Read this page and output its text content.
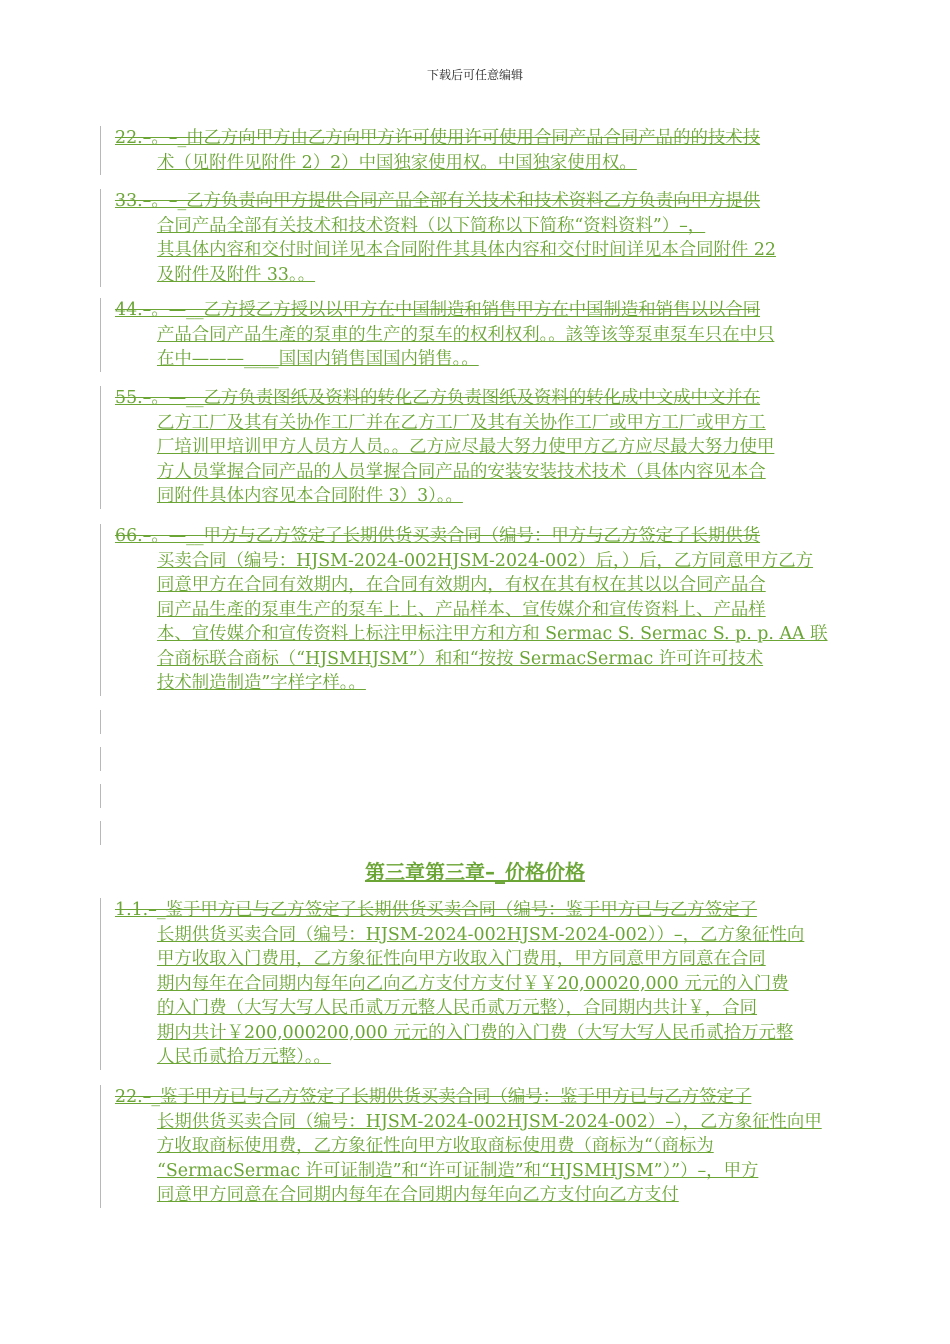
下载后可任意编辑
22.–。–_由乙方向甲方由乙方向甲方许可使用许可使用合同产品合同产品的的技术技
术（见附件见附件 2）2）中国独家使用权。中国独家使用权。
33.–。–_乙方负责向甲方提供合同产品全部有关技术和技术资料乙方负责向甲方提供
合同产品全部有关技术和技术资料（以下简称以下简称“资料资料”）–，
其具体内容和交付时间详见本合同附件其具体内容和交付时间详见本合同附件 22
及附件及附件 33。。
44.–。—__乙方授乙方授以以甲方在中国制造和销售甲方在中国制造和销售以以合同
产品合同产品生產的泵車的生产的泵车的权利权利。。該等该等泵車泵车只在中只
在中———____国国内销售国国内销售。。
55.–。—__乙方负责图纸及资料的转化乙方负责图纸及资料的转化成中文成中文并在
乙方工厂及其有关协作工厂并在乙方工厂及其有关协作工厂或甲方工厂或甲方工
厂培训甲培训甲方人员方人员。。乙方应尽最大努力使甲方乙方应尽最大努力使甲
方人员掌握合同产品的人员掌握合同产品的安装安装技术技术（具体内容见本合
同附件具体内容见本合同附件 3）3）。。
66.–。—__甲方与乙方签定了长期供货买卖合同（编号：甲方与乙方签定了长期供货
买卖合同（编号：HJSM-2024-002HJSM-2024-002）后，）后，乙方同意甲方乙方
同意甲方在合同有效期内，在合同有效期内，有权在其有权在其以以合同产品合
同产品生產的泵車生产的泵车上上、产品样本、宣传媒介和宣传资料上、产品样
本、宣传媒介和宣传资料上标注甲标注甲方和方和 Sermac S. Sermac S. p. p. AA 联
合商标联合商标（“HJSMHJSM”）和和“按按 SermacSermac 许可许可技术
技术制造制造”字样字样。。
第三章第三章–_价格价格
1.1.–_鉴于甲方已与乙方签定了长期供货买卖合同（编号：鉴于甲方已与乙方签定了
长期供货买卖合同（编号：HJSM-2024-002HJSM-2024-002））–，乙方象征性向
甲方收取入门费用，乙方象征性向甲方收取入门费用，甲方同意甲方同意在合同
期内每年在合同期内每年向乙向乙方支付方支付￥￥20,00020,000 元元的入门费
的入门费（大写大写人民币贰万元整人民币贰万元整），合同期内共计￥，合同
期内共计￥200,000200,000 元元的入门费的入门费（大写大写人民币贰拾万元整
人民币贰拾万元整）。。
22.–_鉴于甲方已与乙方签定了长期供货买卖合同（编号：鉴于甲方已与乙方签定了
长期供货买卖合同（编号：HJSM-2024-002HJSM-2024-002）–），乙方象征性向甲
方收取商标使用费，乙方象征性向甲方收取商标使用费（商标为“（商标为
“SermacSermac 许可证制造”和“许可证制造”和“HJSMHJSM”）”）–，甲方
同意甲方同意在合同期内每年在合同期内每年向乙方支付向乙方支付
